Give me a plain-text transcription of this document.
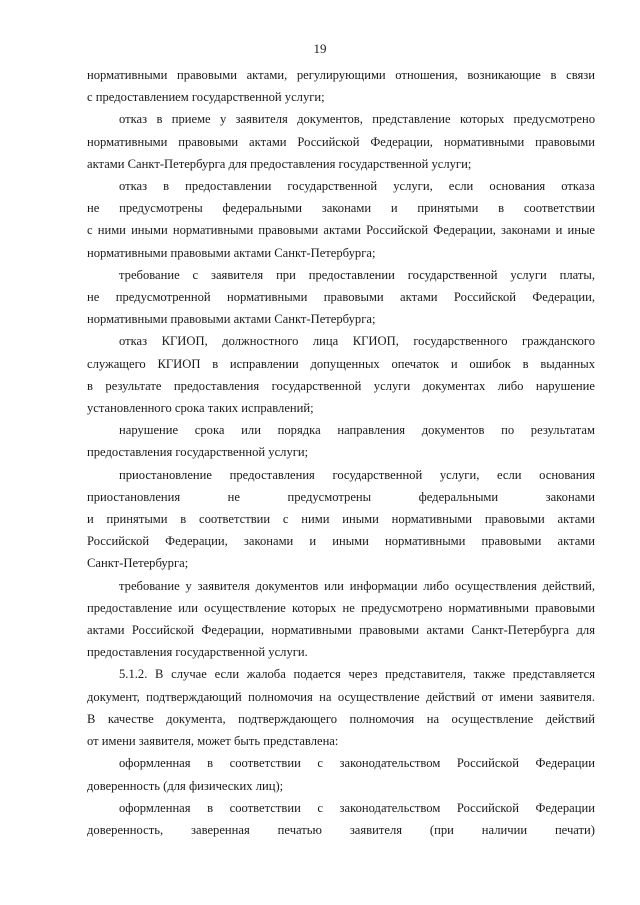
19
нормативными правовыми актами, регулирующими отношения, возникающие в связи
с предоставлением государственной услуги;
отказ в приеме у заявителя документов, представление которых предусмотрено
нормативными правовыми актами Российской Федерации, нормативными правовыми
актами Санкт-Петербурга для предоставления государственной услуги;
отказ в предоставлении государственной услуги, если основания отказа
не предусмотрены федеральными законами и принятыми в соответствии
с ними иными нормативными правовыми актами Российской Федерации, законами и иные
нормативными правовыми актами Санкт-Петербурга;
требование с заявителя при предоставлении государственной услуги платы,
не предусмотренной нормативными правовыми актами Российской Федерации,
нормативными правовыми актами Санкт-Петербурга;
отказ КГИОП, должностного лица КГИОП, государственного гражданского
служащего КГИОП в исправлении допущенных опечаток и ошибок в выданных
в результате предоставления государственной услуги документах либо нарушение
установленного срока таких исправлений;
нарушение срока или порядка направления документов по результатам
предоставления государственной услуги;
приостановление предоставления государственной услуги, если основания
приостановления не предусмотрены федеральными законами
и принятыми в соответствии с ними иными нормативными правовыми актами
Российской Федерации, законами и иными нормативными правовыми актами
Санкт-Петербурга;
требование у заявителя документов или информации либо осуществления действий,
предоставление или осуществление которых не предусмотрено нормативными правовыми
актами Российской Федерации, нормативными правовыми актами Санкт-Петербурга для
предоставления государственной услуги.
5.1.2. В случае если жалоба подается через представителя, также представляется
документ, подтверждающий полномочия на осуществление действий от имени заявителя.
В качестве документа, подтверждающего полномочия на осуществление действий
от имени заявителя, может быть представлена:
оформленная в соответствии с законодательством Российской Федерации
доверенность (для физических лиц);
оформленная в соответствии с законодательством Российской Федерации
доверенность, заверенная печатью заявителя (при наличии печати)
